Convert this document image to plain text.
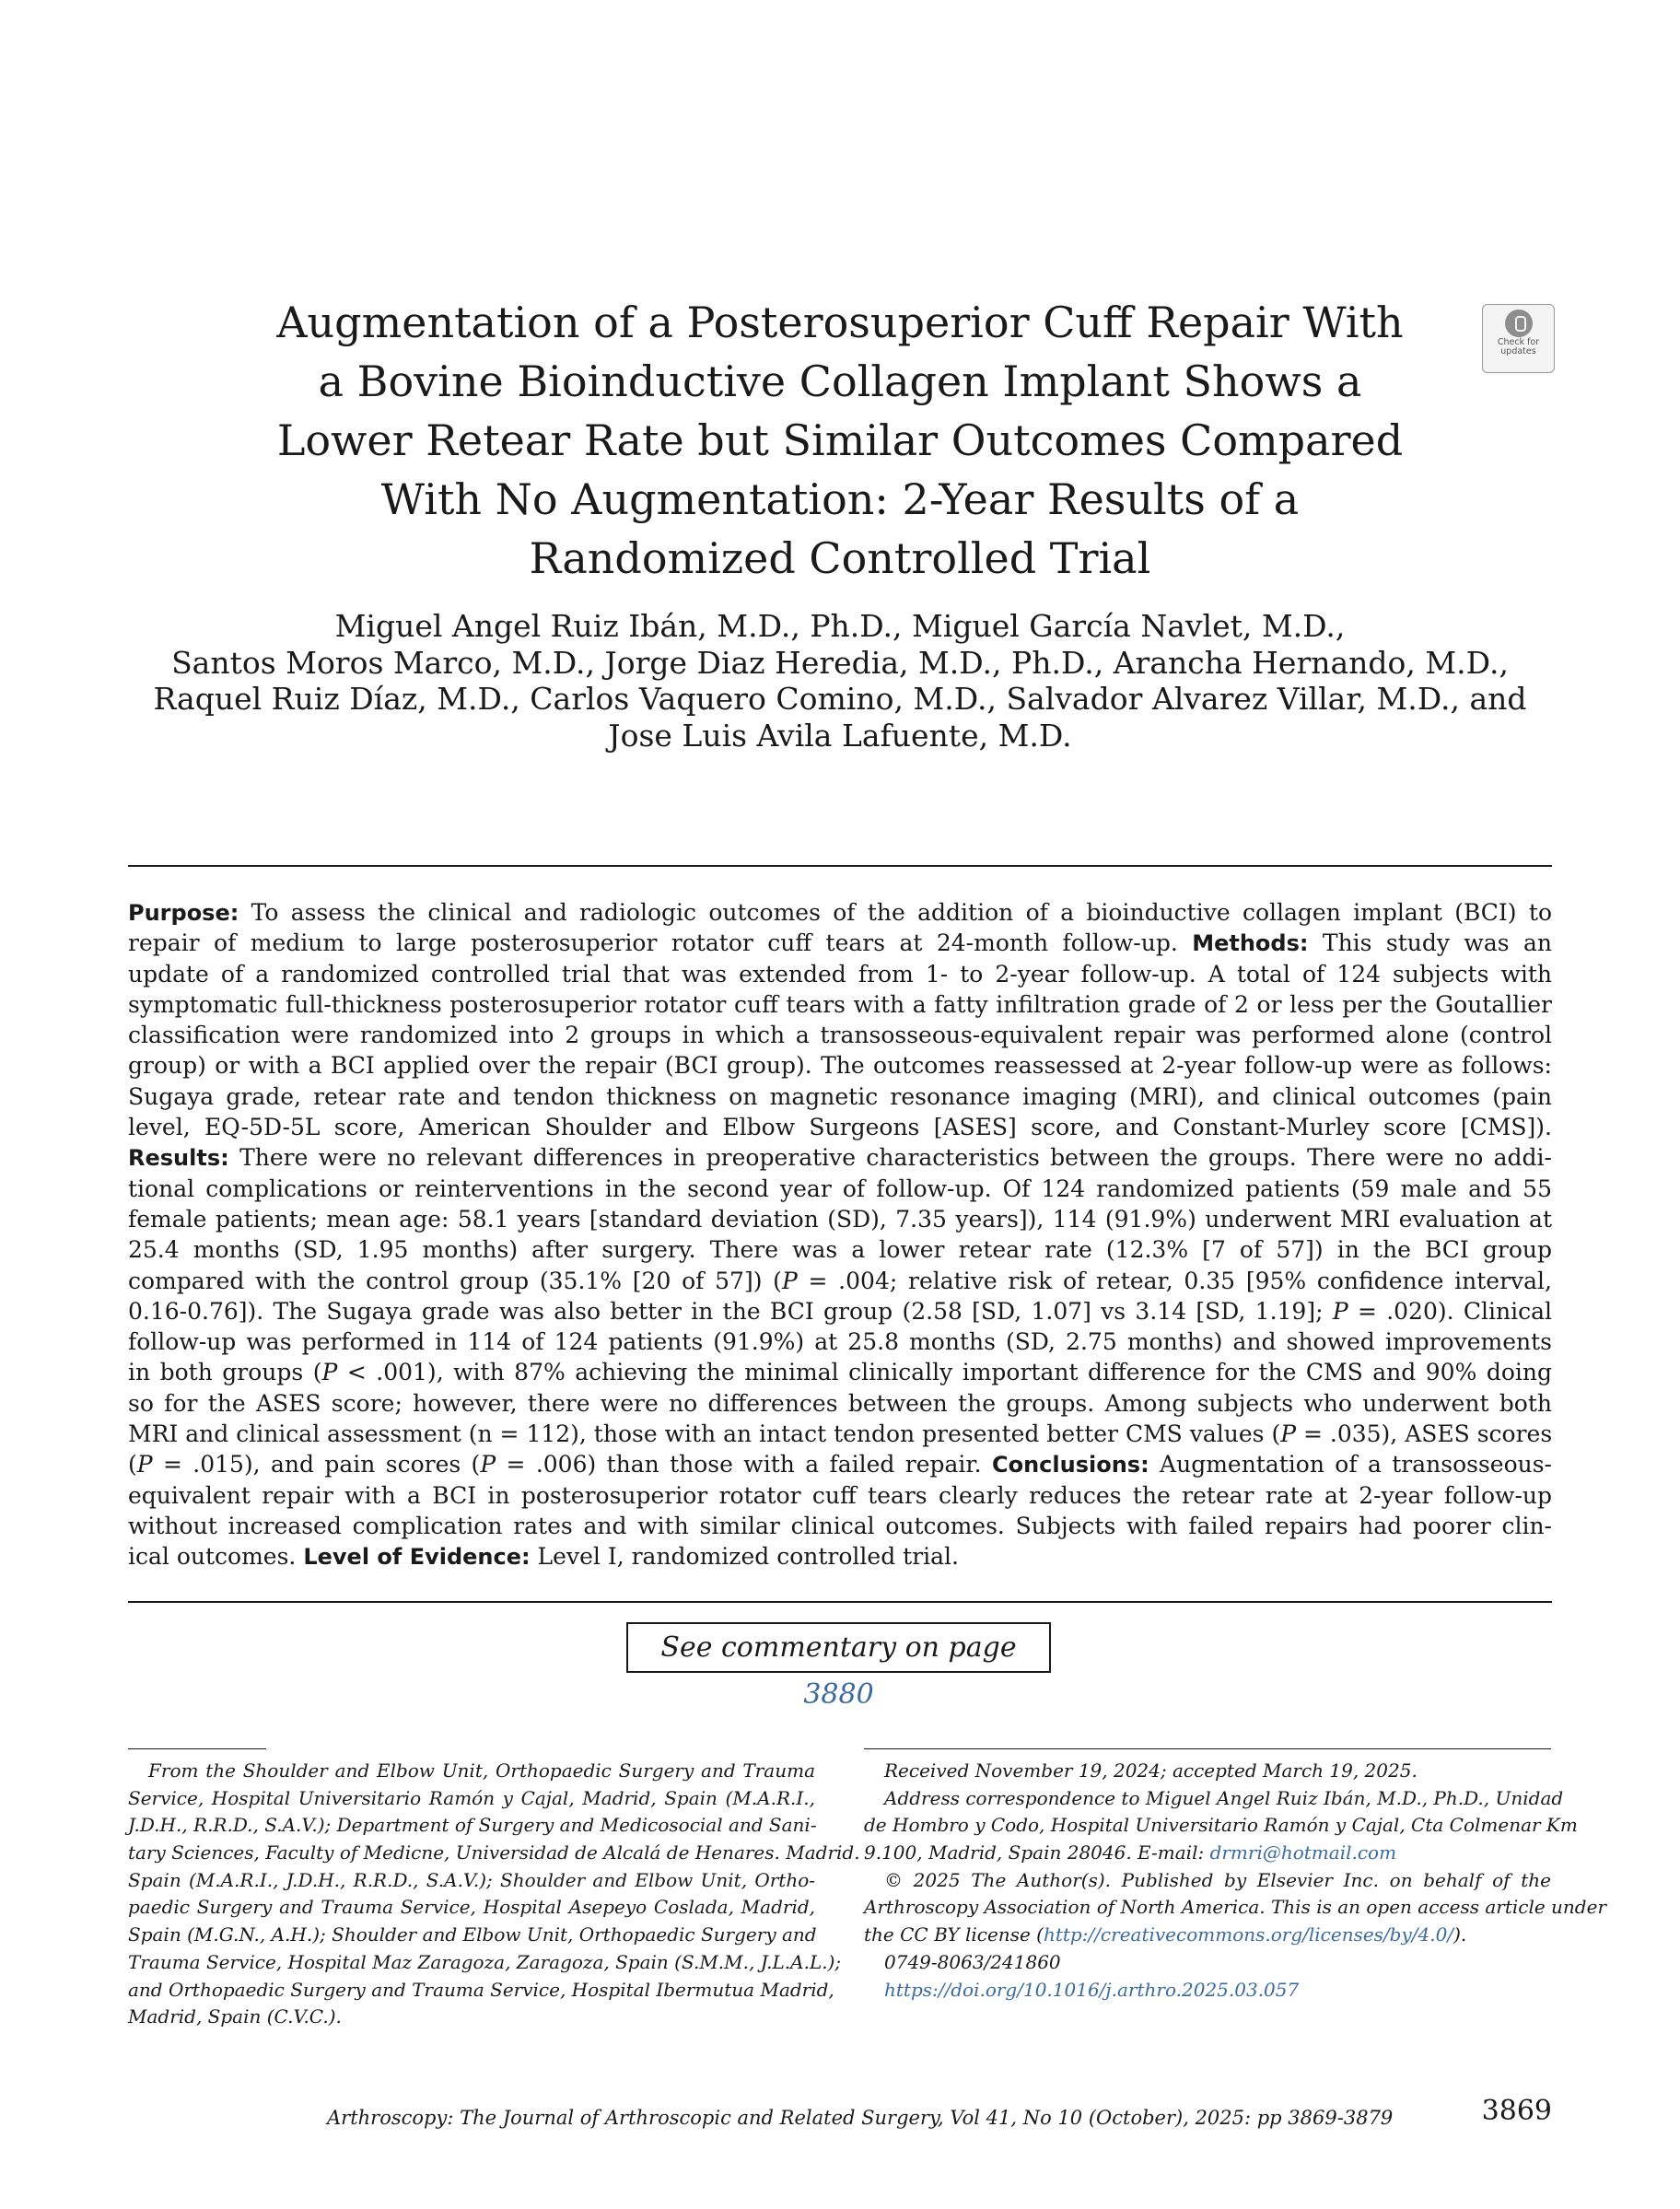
Augmentation of a Posterosuperior Cuff Repair With
a Bovine Bioinductive Collagen Implant Shows a
Lower Retear Rate but Similar Outcomes Compared
With No Augmentation: 2-Year Results of a
Randomized Controlled Trial
Check for
updates
Miguel Angel Ruiz Ibán, M.D., Ph.D., Miguel García Navlet, M.D.,
Santos Moros Marco, M.D., Jorge Diaz Heredia, M.D., Ph.D., Arancha Hernando, M.D.,
Raquel Ruiz Díaz, M.D., Carlos Vaquero Comino, M.D., Salvador Alvarez Villar, M.D., and
Jose Luis Avila Lafuente, M.D.
Purpose: To assess the clinical and radiologic outcomes of the addition of a bioinductive collagen implant (BCI) to
repair of medium to large posterosuperior rotator cuff tears at 24-month follow-up. Methods: This study was an
update of a randomized controlled trial that was extended from 1- to 2-year follow-up. A total of 124 subjects with
symptomatic full-thickness posterosuperior rotator cuff tears with a fatty infiltration grade of 2 or less per the Goutallier
classification were randomized into 2 groups in which a transosseous-equivalent repair was performed alone (control
group) or with a BCI applied over the repair (BCI group). The outcomes reassessed at 2-year follow-up were as follows:
Sugaya grade, retear rate and tendon thickness on magnetic resonance imaging (MRI), and clinical outcomes (pain
level, EQ-5D-5L score, American Shoulder and Elbow Surgeons [ASES] score, and Constant-Murley score [CMS]).
Results: There were no relevant differences in preoperative characteristics between the groups. There were no addi-
tional complications or reinterventions in the second year of follow-up. Of 124 randomized patients (59 male and 55
female patients; mean age: 58.1 years [standard deviation (SD), 7.35 years]), 114 (91.9%) underwent MRI evaluation at
25.4 months (SD, 1.95 months) after surgery. There was a lower retear rate (12.3% [7 of 57]) in the BCI group
compared with the control group (35.1% [20 of 57]) (P = .004; relative risk of retear, 0.35 [95% confidence interval,
0.16-0.76]). The Sugaya grade was also better in the BCI group (2.58 [SD, 1.07] vs 3.14 [SD, 1.19]; P = .020). Clinical
follow-up was performed in 114 of 124 patients (91.9%) at 25.8 months (SD, 2.75 months) and showed improvements
in both groups (P < .001), with 87% achieving the minimal clinically important difference for the CMS and 90% doing
so for the ASES score; however, there were no differences between the groups. Among subjects who underwent both
MRI and clinical assessment (n = 112), those with an intact tendon presented better CMS values (P = .035), ASES scores
(P = .015), and pain scores (P = .006) than those with a failed repair. Conclusions: Augmentation of a transosseous-
equivalent repair with a BCI in posterosuperior rotator cuff tears clearly reduces the retear rate at 2-year follow-up
without increased complication rates and with similar clinical outcomes. Subjects with failed repairs had poorer clin-
ical outcomes. Level of Evidence: Level I, randomized controlled trial.
See commentary on page 3880
From the Shoulder and Elbow Unit, Orthopaedic Surgery and Trauma
Service, Hospital Universitario Ramón y Cajal, Madrid, Spain (M.A.R.I.,
J.D.H., R.R.D., S.A.V.); Department of Surgery and Medicosocial and Sani-
tary Sciences, Faculty of Medicne, Universidad de Alcalá de Henares. Madrid.
Spain (M.A.R.I., J.D.H., R.R.D., S.A.V.); Shoulder and Elbow Unit, Ortho-
paedic Surgery and Trauma Service, Hospital Asepeyo Coslada, Madrid,
Spain (M.G.N., A.H.); Shoulder and Elbow Unit, Orthopaedic Surgery and
Trauma Service, Hospital Maz Zaragoza, Zaragoza, Spain (S.M.M., J.L.A.L.);
and Orthopaedic Surgery and Trauma Service, Hospital Ibermutua Madrid,
Madrid, Spain (C.V.C.).
Received November 19, 2024; accepted March 19, 2025.
Address correspondence to Miguel Angel Ruiz Ibán, M.D., Ph.D., Unidad
de Hombro y Codo, Hospital Universitario Ramón y Cajal, Cta Colmenar Km
9.100, Madrid, Spain 28046. E-mail: drmri@hotmail.com
© 2025 The Author(s). Published by Elsevier Inc. on behalf of the
Arthroscopy Association of North America. This is an open access article under
the CC BY license (http://creativecommons.org/licenses/by/4.0/).
0749-8063/241860
https://doi.org/10.1016/j.arthro.2025.03.057
Arthroscopy: The Journal of Arthroscopic and Related Surgery, Vol 41, No 10 (October), 2025: pp 3869-3879	3869
